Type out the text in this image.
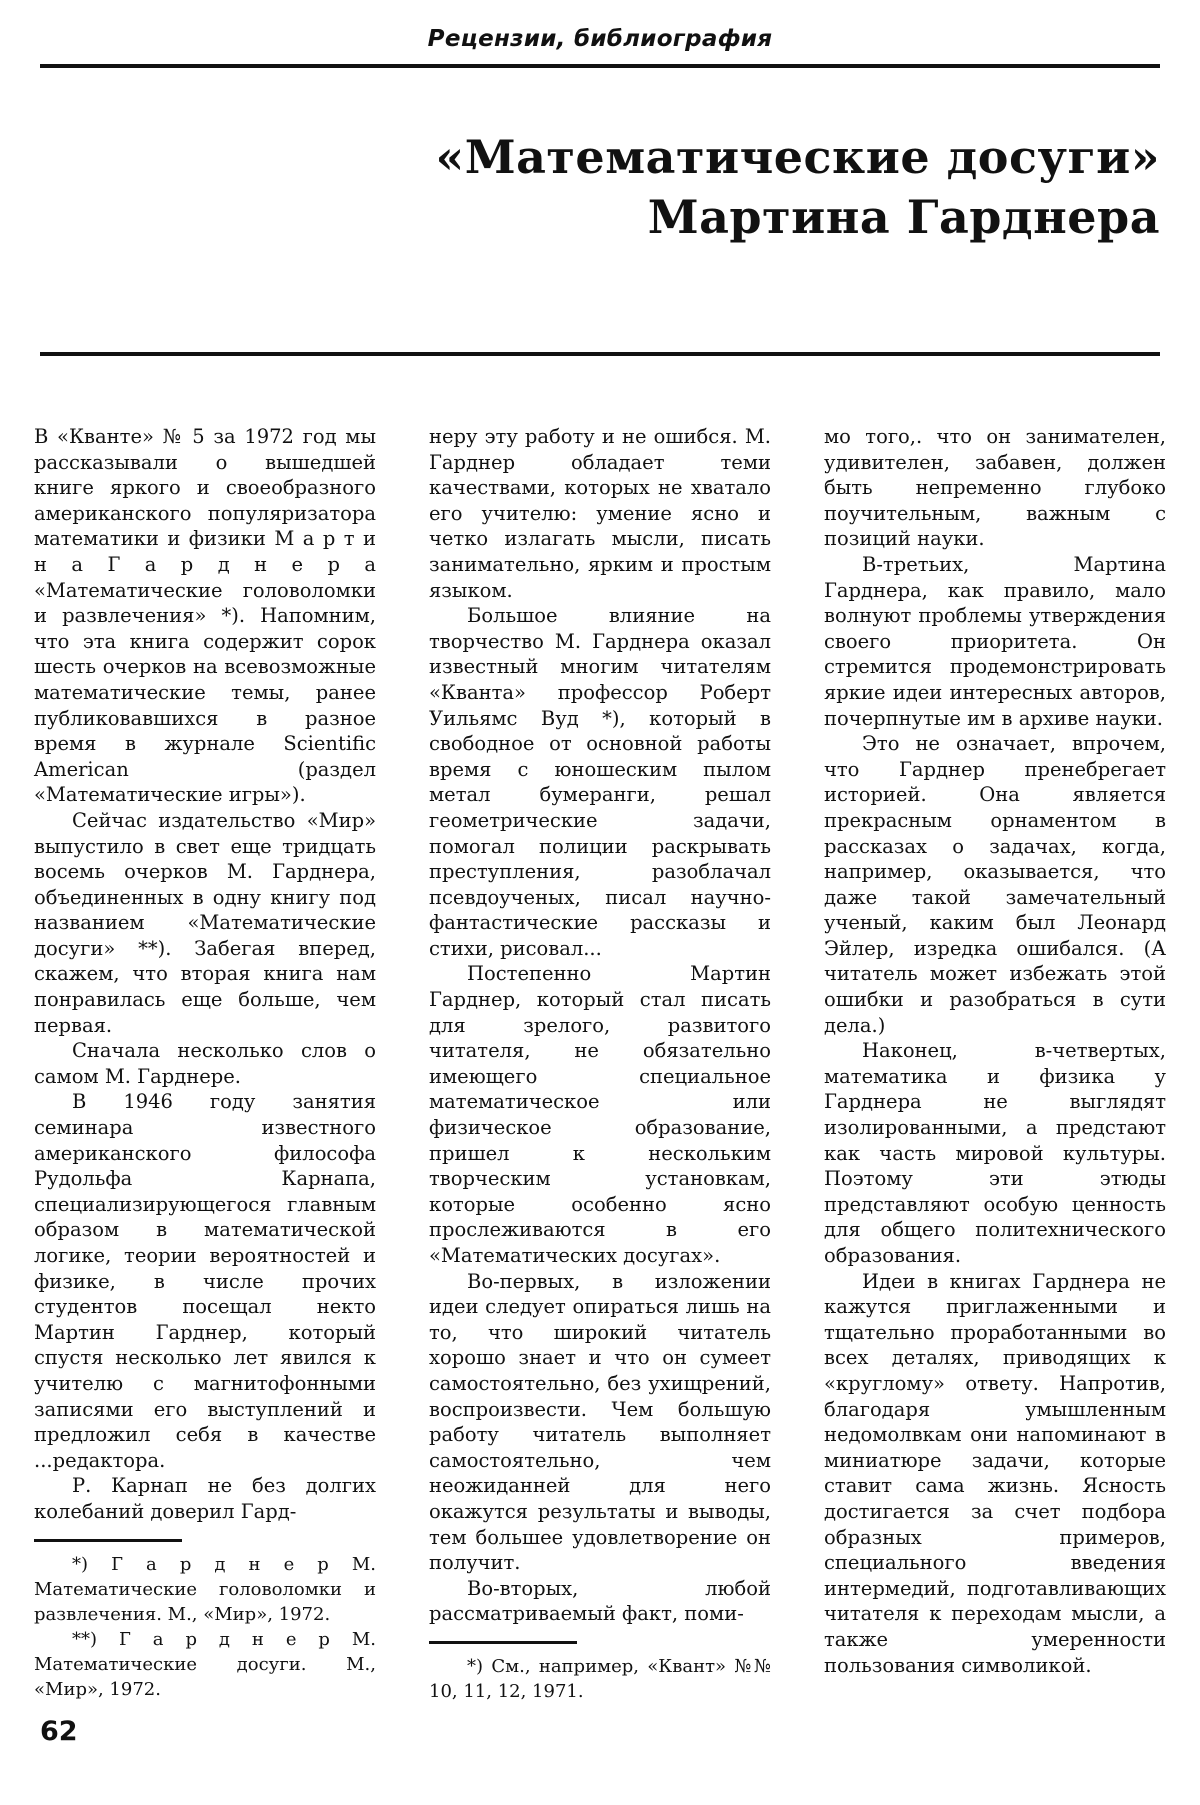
Рецензии, библиография
«Математические досуги»
Мартина Гарднера

В «Кванте» № 5 за 1972 год мы рассказывали о вышедшей книге яркого и своеобразного американского популяризатора математики и физики М а р т и н а Г а р д н е р а «Математические головоломки и развлечения» *). Напомним, что эта книга содержит сорок шесть очерков на всевозможные математические темы, ранее публиковавшихся в разное время в журнале Scientific American (раздел «Математические игры»).

Сейчас издательство «Мир» выпустило в свет еще тридцать восемь очерков М. Гарднера, объединенных в одну книгу под названием «Математические досуги» **). Забегая вперед, скажем, что вторая книга нам понравилась еще больше, чем первая.

Сначала несколько слов о самом М. Гарднере.

В 1946 году занятия семинара известного американского философа Рудольфа Карнапа, специализирующегося главным образом в математической логике, теории вероятностей и физике, в числе прочих студентов посещал некто Мартин Гарднер, который спустя несколько лет явился к учителю с магнитофонными записями его выступлений и предложил себя в качестве ...редактора.

Р. Карнап не без долгих колебаний доверил Гард-

*) Г а р д н е р М. Математические головоломки и развлечения. М., «Мир», 1972.

**) Г а р д н е р М. Математические досуги. М., «Мир», 1972.

неру эту работу и не ошибся. М. Гарднер обладает теми качествами, которых не хватало его учителю: умение ясно и четко излагать мысли, писать занимательно, ярким и простым языком.

Большое влияние на творчество М. Гарднера оказал известный многим читателям «Кванта» профессор Роберт Уильямс Вуд *), который в свободное от основной работы время с юношеским пылом метал бумеранги, решал геометрические задачи, помогал полиции раскрывать преступления, разоблачал псевдоученых, писал научно-фантастические рассказы и стихи, рисовал...

Постепенно Мартин Гарднер, который стал писать для зрелого, развитого читателя, не обязательно имеющего специальное математическое или физическое образование, пришел к нескольким творческим установкам, которые особенно ясно прослеживаются в его «Математических досугах».

Во-первых, в изложении идеи следует опираться лишь на то, что широкий читатель хорошо знает и что он сумеет самостоятельно, без ухищрений, воспроизвести. Чем большую работу читатель выполняет самостоятельно, чем неожиданней для него окажутся результаты и выводы, тем большее удовлетворение он получит.

Во-вторых, любой рассматриваемый факт, поми-

*) См., например, «Квант» №№ 10, 11, 12, 1971.

мо того,. что он занимателен, удивителен, забавен, должен быть непременно глубоко поучительным, важным с позиций науки.

В-третьих, Мартина Гарднера, как правило, мало волнуют проблемы утверждения своего приоритета. Он стремится продемонстрировать яркие идеи интересных авторов, почерпнутые им в архиве науки.

Это не означает, впрочем, что Гарднер пренебрегает историей. Она является прекрасным орнаментом в рассказах о задачах, когда, например, оказывается, что даже такой замечательный ученый, каким был Леонард Эйлер, изредка ошибался. (А читатель может избежать этой ошибки и разобраться в сути дела.)

Наконец, в-четвертых, математика и физика у Гарднера не выглядят изолированными, а предстают как часть мировой культуры. Поэтому эти этюды представляют особую ценность для общего политехнического образования.

Идеи в книгах Гарднера не кажутся приглаженными и тщательно проработанными во всех деталях, приводящих к «круглому» ответу. Напротив, благодаря умышленным недомолвкам они напоминают в миниатюре задачи, которые ставит сама жизнь. Ясность достигается за счет подбора образных примеров, специального введения интермедий, подготавливающих читателя к переходам мысли, а также умеренности пользования символикой.

62
